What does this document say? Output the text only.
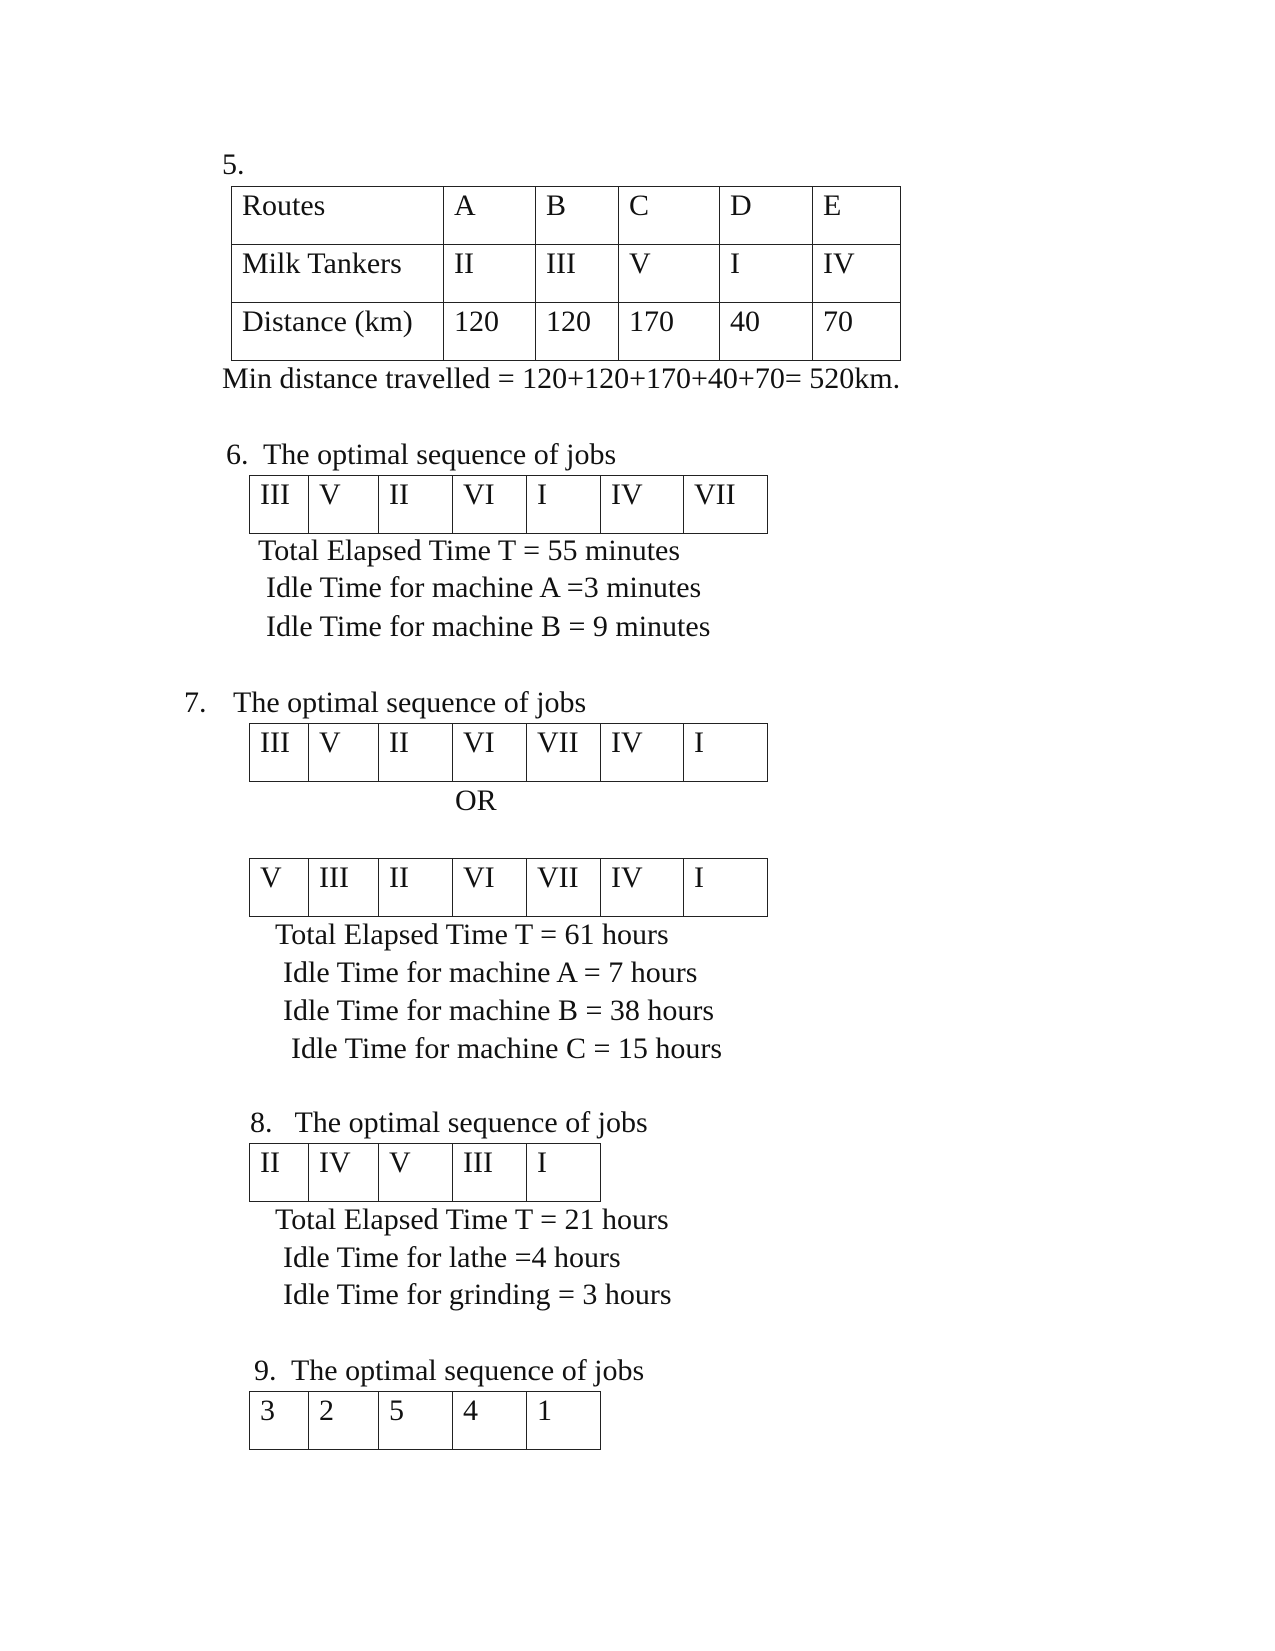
5.
Routes	A	B	C	D	E
Milk Tankers	II	III	V	I	IV
Distance (km)	120	120	170	40	70
Min distance travelled = 120+120+170+40+70= 520km.
6.  The optimal sequence of jobs
III	V	II	VI	I	IV	VII
Total Elapsed Time T = 55 minutes
Idle Time for machine A =3 minutes
Idle Time for machine B = 9 minutes
7. The optimal sequence of jobs
III	V	II	VI	VII	IV	I
OR
V	III	II	VI	VII	IV	I
Total Elapsed Time T = 61 hours
Idle Time for machine A = 7 hours
Idle Time for machine B = 38 hours
Idle Time for machine C = 15 hours
8.   The optimal sequence of jobs
II	IV	V	III	I
Total Elapsed Time T = 21 hours
Idle Time for lathe =4 hours
Idle Time for grinding = 3 hours
9.  The optimal sequence of jobs
3	2	5	4	1
